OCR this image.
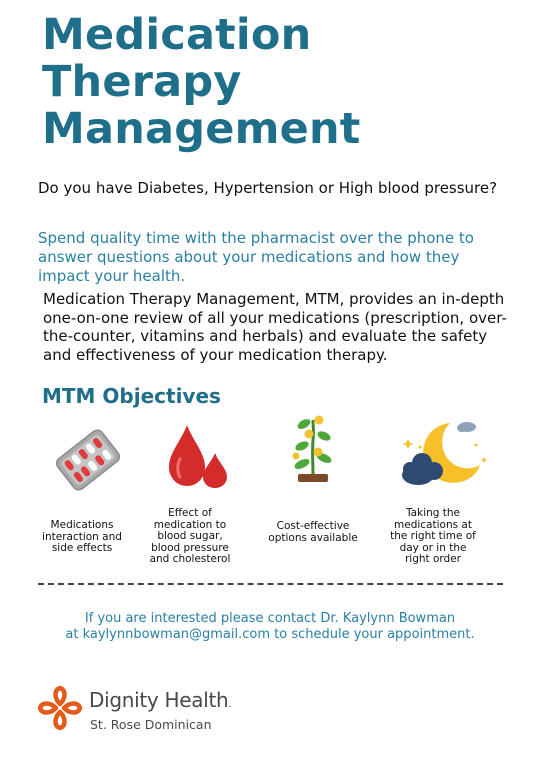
Medication
Therapy
Management

Do you have Diabetes, Hypertension or High blood pressure?

Spend quality time with the pharmacist over the phone to answer questions about your medications and how they impact your health.

Medication Therapy Management, MTM, provides an in-depth one-on-one review of all your medications (prescription, over-the-counter, vitamins and herbals) and evaluate the safety and effectiveness of your medication therapy.

MTM Objectives
Medications interaction and side effects
Effect of medication to blood sugar, blood pressure and cholesterol
Cost-effective options available
Taking the medications at the right time of day or in the right order
If you are interested please contact Dr. Kaylynn Bowman
at kaylynnbowman@gmail.com to schedule your appointment.
Dignity Health.
St. Rose Dominican
